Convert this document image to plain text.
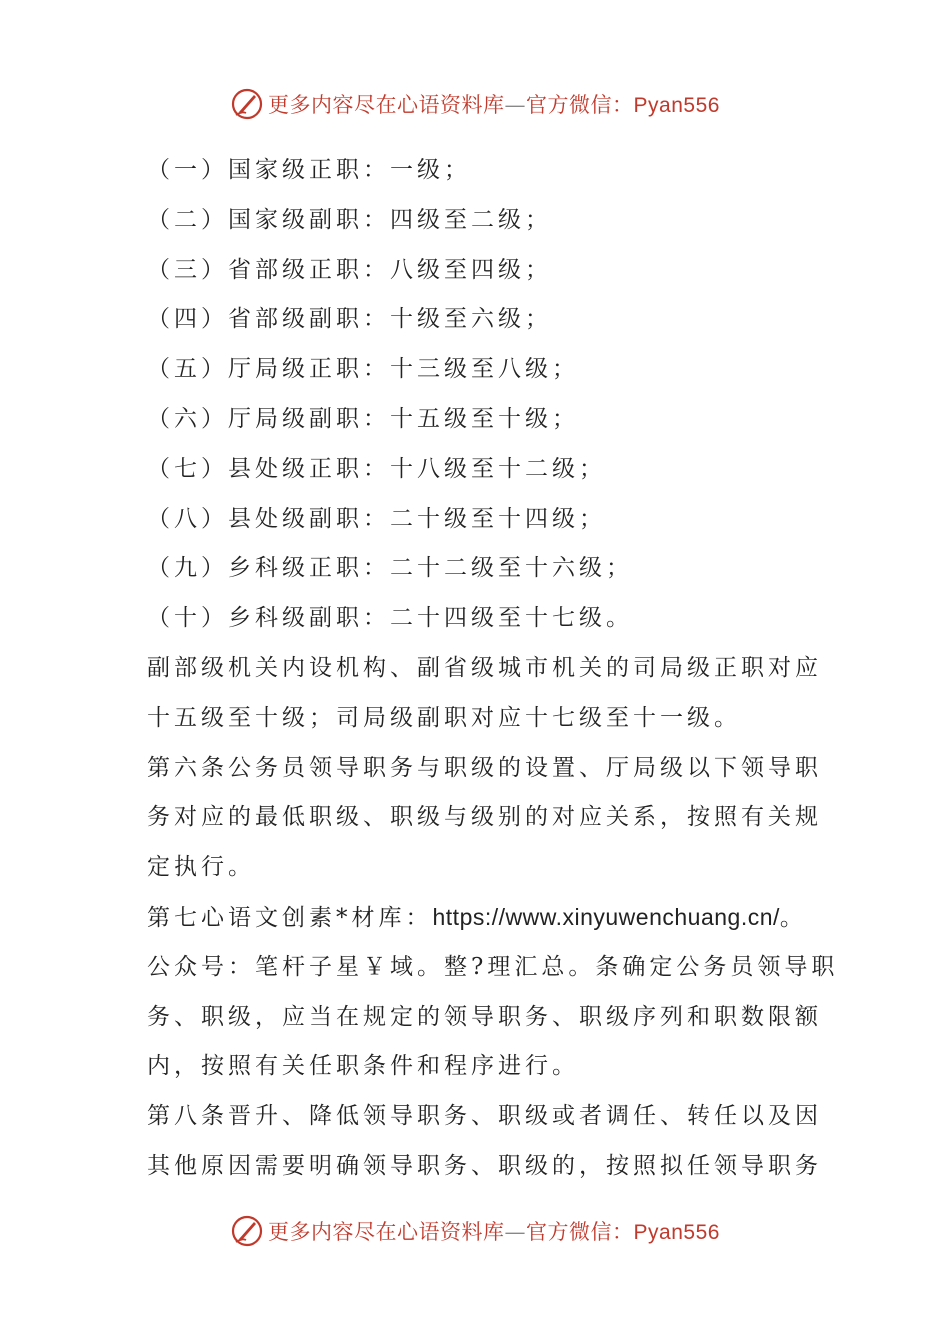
更多内容尽在心语资料库—官方微信：Pyan556
（一）国家级正职：一级；
（二）国家级副职：四级至二级；
（三）省部级正职：八级至四级；
（四）省部级副职：十级至六级；
（五）厅局级正职：十三级至八级；
（六）厅局级副职：十五级至十级；
（七）县处级正职：十八级至十二级；
（八）县处级副职：二十级至十四级；
（九）乡科级正职：二十二级至十六级；
（十）乡科级副职：二十四级至十七级。
副部级机关内设机构、副省级城市机关的司局级正职对应
十五级至十级；司局级副职对应十七级至十一级。
第六条公务员领导职务与职级的设置、厅局级以下领导职
务对应的最低职级、职级与级别的对应关系，按照有关规
定执行。
第七心语文创素*材库：https://www.xinyuwenchuang.cn/。
公众号：笔杆子星￥域。整?理汇总。条确定公务员领导职
务、职级，应当在规定的领导职务、职级序列和职数限额
内，按照有关任职条件和程序进行。
第八条晋升、降低领导职务、职级或者调任、转任以及因
其他原因需要明确领导职务、职级的，按照拟任领导职务
更多内容尽在心语资料库—官方微信：Pyan556
